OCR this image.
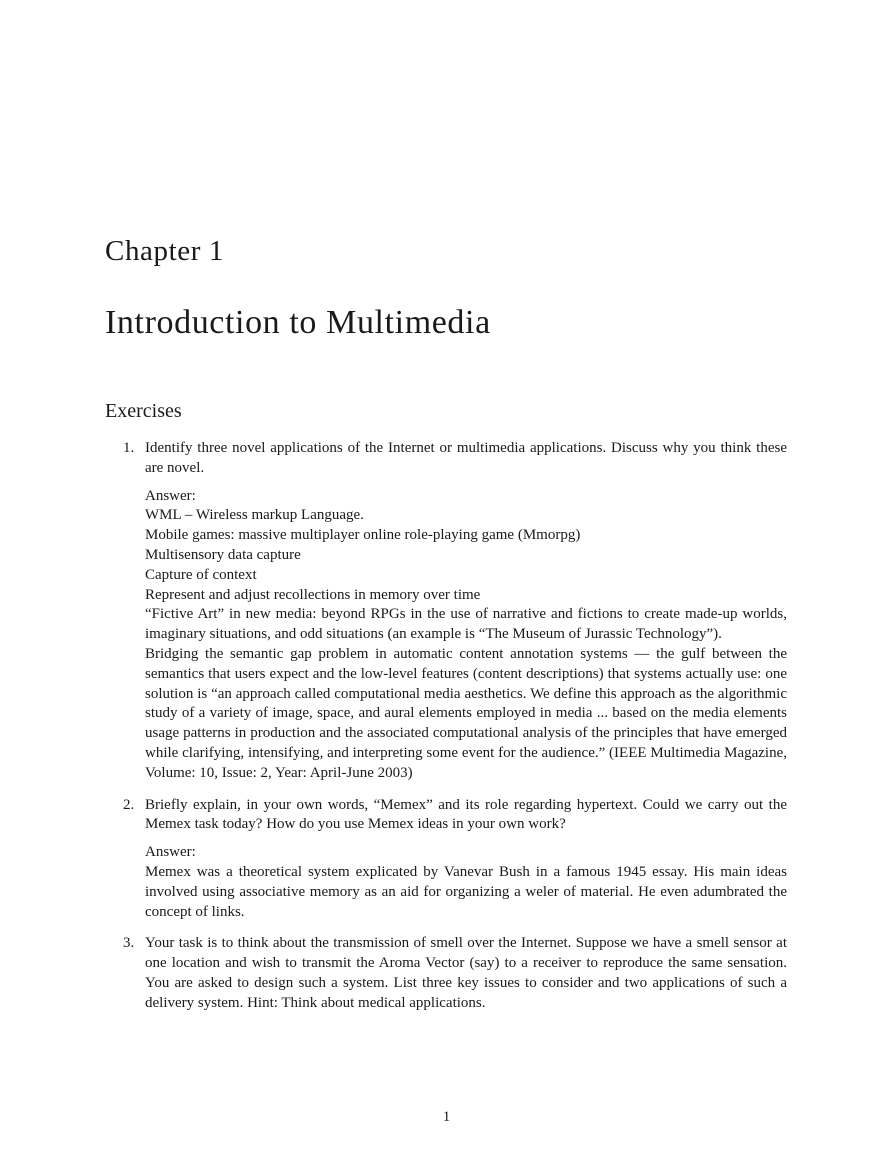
Chapter 1
Introduction to Multimedia
Exercises
1. Identify three novel applications of the Internet or multimedia applications. Discuss why you think these are novel.

Answer:
WML – Wireless markup Language.
Mobile games: massive multiplayer online role-playing game (Mmorpg)
Multisensory data capture
Capture of context
Represent and adjust recollections in memory over time
“Fictive Art” in new media: beyond RPGs in the use of narrative and fictions to create made-up worlds, imaginary situations, and odd situations (an example is “The Museum of Jurassic Technology”).
Bridging the semantic gap problem in automatic content annotation systems — the gulf between the semantics that users expect and the low-level features (content descriptions) that systems actually use: one solution is “an approach called computational media aesthetics. We define this approach as the algorithmic study of a variety of image, space, and aural elements employed in media ... based on the media elements usage patterns in production and the associated computational analysis of the principles that have emerged while clarifying, intensifying, and interpreting some event for the audience.” (IEEE Multimedia Magazine, Volume: 10, Issue: 2, Year: April-June 2003)
2. Briefly explain, in your own words, “Memex” and its role regarding hypertext. Could we carry out the Memex task today? How do you use Memex ideas in your own work?

Answer:
Memex was a theoretical system explicated by Vanevar Bush in a famous 1945 essay. His main ideas involved using associative memory as an aid for organizing a weler of material. He even adumbrated the concept of links.
3. Your task is to think about the transmission of smell over the Internet. Suppose we have a smell sensor at one location and wish to transmit the Aroma Vector (say) to a receiver to reproduce the same sensation. You are asked to design such a system. List three key issues to consider and two applications of such a delivery system. Hint: Think about medical applications.

1
